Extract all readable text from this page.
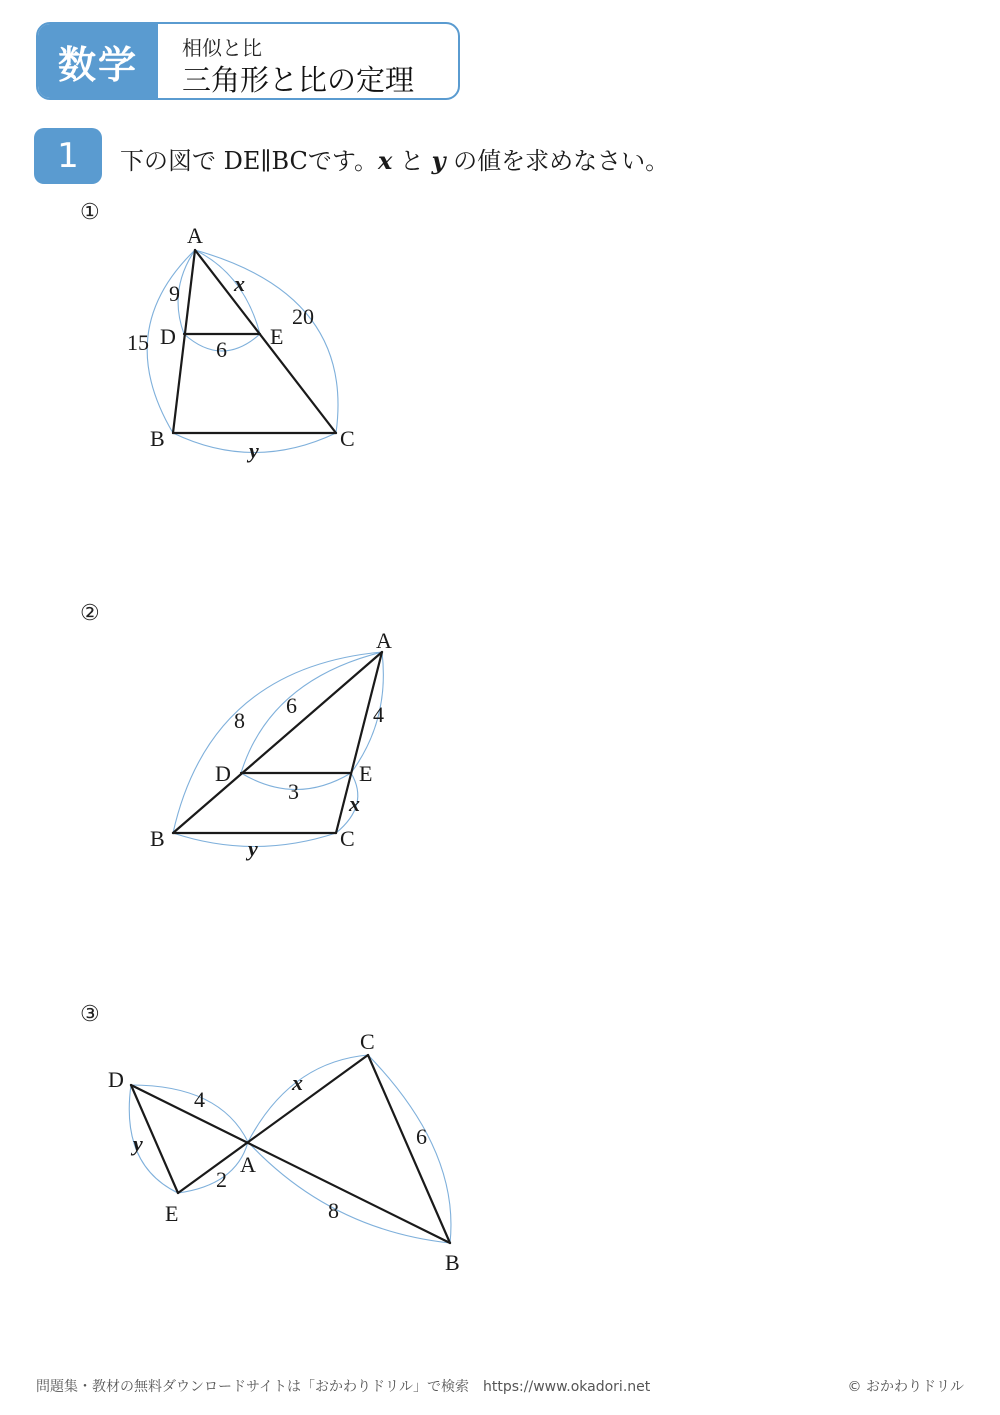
数学	相似と比
三角形と比の定理
1	下の図で DE∥BCです。x と y の値を求めなさい。
①
②
③
A
B	C
D	E
9
15
20
6
x
y
A
B	C
D	E
8
6	4
3 x
y
A
B
C
D
E
4
2
y
x
6
8
問題集・教材の無料ダウンロードサイトは「おかわりドリル」で検索　https://www.okadori.net	© おかわりドリル
